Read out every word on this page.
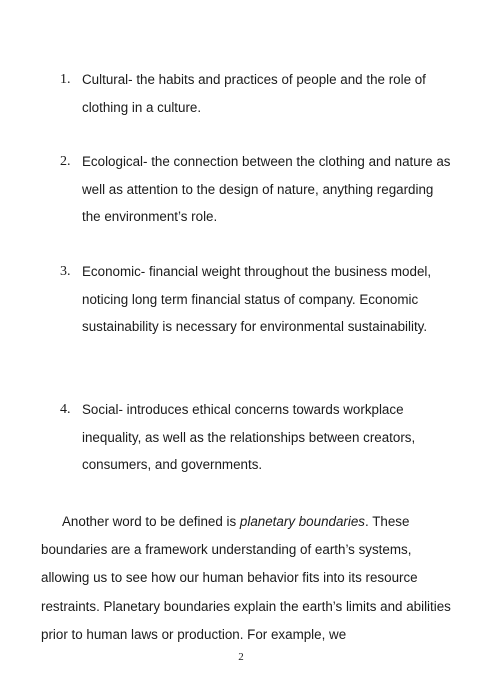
1. Cultural- the habits and practices of people and the role of clothing in a culture.

2. Ecological- the connection between the clothing and nature as well as attention to the design of nature, anything regarding the environment’s role.

3. Economic- financial weight throughout the business model, noticing long term financial status of company. Economic sustainability is necessary for environmental sustainability.

4. Social- introduces ethical concerns towards workplace inequality, as well as the relationships between creators, consumers, and governments.

Another word to be defined is planetary boundaries. These boundaries are a framework understanding of earth’s systems, allowing us to see how our human behavior fits into its resource restraints. Planetary boundaries explain the earth’s limits and abilities prior to human laws or production. For example, we

2
